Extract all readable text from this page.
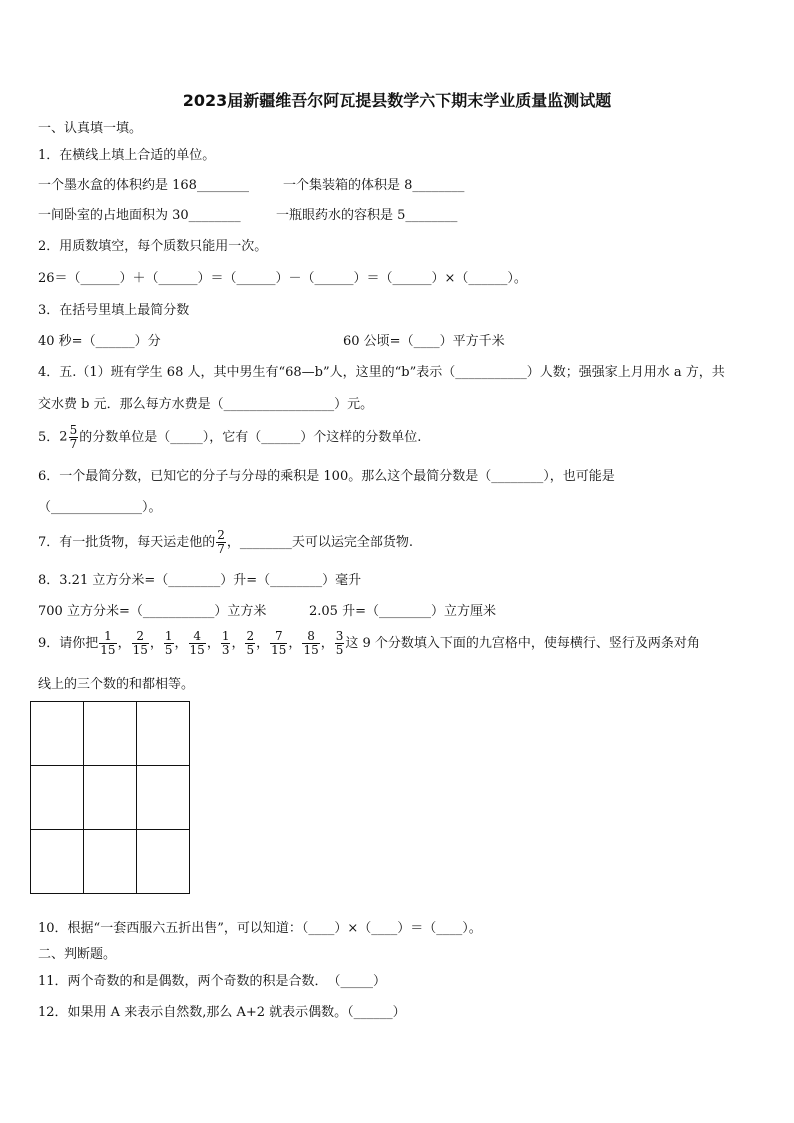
2023届新疆维吾尔阿瓦提县数学六下期末学业质量监测试题
一、认真填一填。
1．在横线上填上合适的单位。
一个墨水盒的体积约是 168________	一个集装箱的体积是 8________
一间卧室的占地面积为 30________	一瓶眼药水的容积是 5________
2．用质数填空，每个质数只能用一次。
26＝（______）＋（______）＝（______）－（______）＝（______）×（______）。
3．在括号里填上最简分数
40 秒=（______）分	60 公顷=（____）平方千米
4．五.（1）班有学生 68 人，其中男生有“68—b”人，这里的“b”表示（___________）人数；强强家上月用水 a 方，共
交水费 b 元．那么每方水费是（_________________）元。
5．$2 \frac{5}{7}$ 的分数单位是（_____），它有（______）个这样的分数单位.
6．一个最简分数，已知它的分子与分母的乘积是 100。那么这个最简分数是（________），也可能是
（______________）。
7．有一批货物，每天运走他的 $\frac{2}{7}$ ，________天可以运完全部货物.
8．3.21 立方分米=（________）升=（________）毫升
700 立方分米=（___________）立方米	2.05 升=（________）立方厘米
9．请你把 $\frac{1}{15}$ ， $\frac{2}{15}$ ， $\frac{1}{5}$ ， $\frac{4}{15}$ ， $\frac{1}{3}$ ， $\frac{2}{5}$ ， $\frac{7}{15}$ ， $\frac{8}{15}$ ， $\frac{3}{5}$ 这 9 个分数填入下面的九宫格中，使每横行、竖行及两条对角
线上的三个数的和都相等。

10．根据“一套西服六五折出售”，可以知道：（____）×（____）＝（____）。
二、判断题。
11．两个奇数的和是偶数，两个奇数的积是合数．　（_____）
12．如果用 A 来表示自然数,那么 A+2 就表示偶数。（______）
